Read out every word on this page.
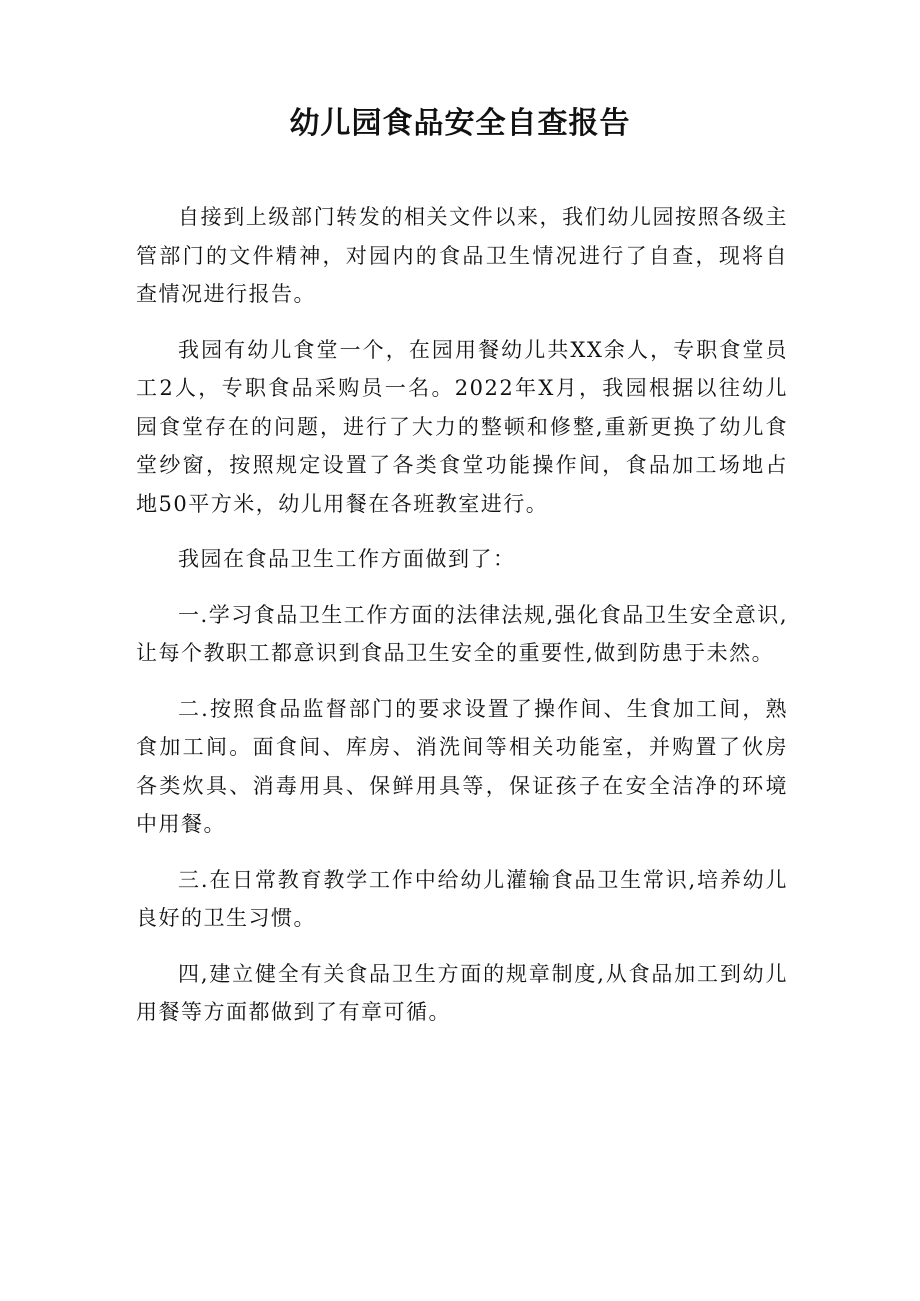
幼儿园食品安全自查报告

自接到上级部门转发的相关文件以来，我们幼儿园按照各级主管部门的文件精神，对园内的食品卫生情况进行了自查，现将自查情况进行报告。

我园有幼儿食堂一个，在园用餐幼儿共XX余人，专职食堂员工2人，专职食品采购员一名。2022年X月，我园根据以往幼儿园食堂存在的问题，进行了大力的整顿和修整,重新更换了幼儿食堂纱窗，按照规定设置了各类食堂功能操作间，食品加工场地占地50平方米，幼儿用餐在各班教室进行。

我园在食品卫生工作方面做到了：

一.学习食品卫生工作方面的法律法规,强化食品卫生安全意识,让每个教职工都意识到食品卫生安全的重要性,做到防患于未然。

二.按照食品监督部门的要求设置了操作间、生食加工间，熟食加工间。面食间、库房、消洗间等相关功能室，并购置了伙房各类炊具、消毒用具、保鲜用具等，保证孩子在安全洁净的环境中用餐。

三.在日常教育教学工作中给幼儿灌输食品卫生常识,培养幼儿良好的卫生习惯。

四,建立健全有关食品卫生方面的规章制度,从食品加工到幼儿用餐等方面都做到了有章可循。
